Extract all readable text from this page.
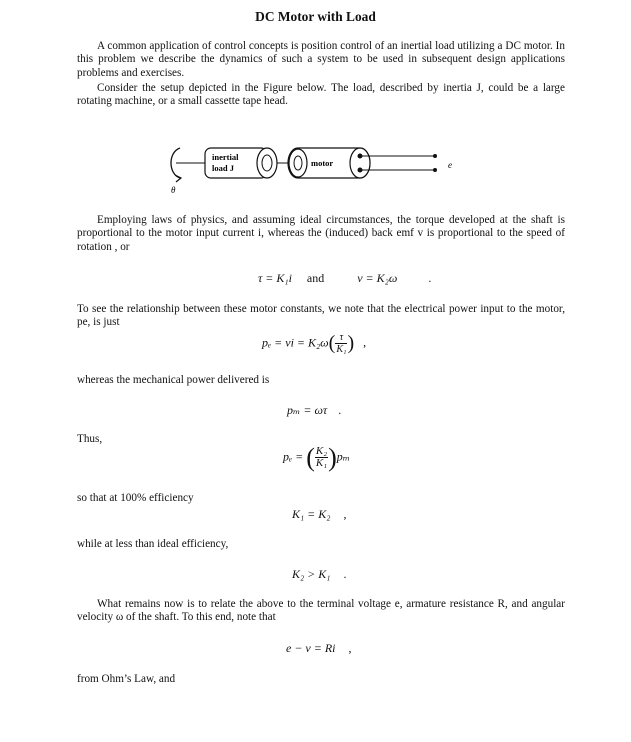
DC Motor with Load
A common application of control concepts is position control of an inertial load utilizing a DC motor. In this problem we describe the dynamics of such a system to be used in subsequent design applications problems and exercises.
Consider the setup depicted in the Figure below. The load, described by inertia J, could be a large rotating machine, or a small cassette tape head.
inertial
load J	motor
θ
e
Employing laws of physics, and assuming ideal circumstances, the torque developed at the shaft is proportional to the motor input current i, whereas the (induced) back emf v is proportional to the speed of rotation , or
τ = K₁i and	v = K₂ω	.
To see the relationship between these motor constants, we note that the electrical power input to the motor, pe, is just
pₑ = vi = $K_2\omega( \frac{\tau}{\text{K₁}}$ ) ,
whereas the mechanical power delivered is
pₘ = ωτ .
Thus,
pₑ = ( $\frac{\text{K₂}}{\text{K₁}} )p_m$
so that at 100% efficiency
K₁ = K₂ ,
while at less than ideal efficiency,
K₂ > K₁ .
What remains now is to relate the above to the terminal voltage e, armature resistance R, and angular velocity ω of the shaft. To this end, note that
e − v = Ri ,
from Ohm’s Law, and
